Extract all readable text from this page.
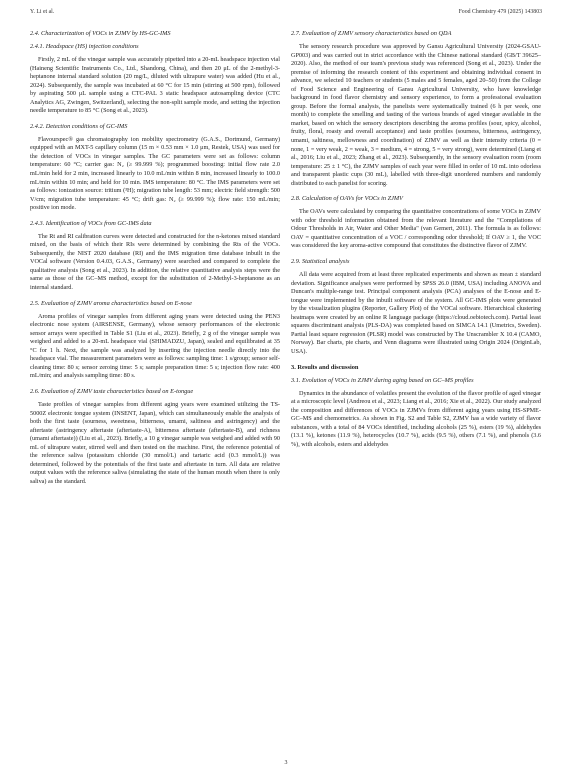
Y. Li et al.	Food Chemistry 479 (2025) 143803
2.4. Characterization of VOCs in ZJMV by HS-GC-IMS
2.4.1. Headspace (HS) injection conditions
Firstly, 2 mL of the vinegar sample was accurately pipetted into a 20-mL headspace injection vial (Haineng Scientific Instruments Co., Ltd., Shandong, China), and then 20 μL of the 2-methyl-3-heptanone internal standard solution (20 mg/L, diluted with ultrapure water) was added (Hu et al., 2024). Subsequently, the sample was incubated at 60 °C for 15 min (stirring at 500 rpm), followed by aspirating 500 μL sample using a CTC-PAL 3 static headspace autosampling device (CTC Analytics AG, Zwingen, Switzerland), selecting the non-split sample mode, and setting the injection needle temperature to 85 °C (Song et al., 2023).
2.4.2. Detection conditions of GC-IMS
Flavourspec® gas chromatography ion mobility spectrometry (G.A.S., Dortmund, Germany) equipped with an MXT-5 capillary column (15 m × 0.53 mm × 1.0 μm, Restek, USA) was used for the detection of VOCs in vinegar samples. The GC parameters were set as follows: column temperature: 60 °C; carrier gas: N₂ (≥ 99.999 %); programmed boosting: initial flow rate 2.0 mL/min held for 2 min, increased linearly to 10.0 mL/min within 8 min, increased linearly to 100.0 mL/min within 10 min; and held for 10 min. IMS temperature: 80 °C. The IMS parameters were set as follows: ionization source: tritium (³H); migration tube length: 53 mm; electric field strength: 500 V/cm; migration tube temperature: 45 °C; drift gas: N₂ (≥ 99.999 %); flow rate: 150 mL/min; positive ion mode.
2.4.3. Identification of VOCs from GC-IMS data
The Rt and RI calibration curves were detected and constructed for the n-ketones mixed standard mixed, on the basis of which their RIs were determined by combining the Rts of the VOCs. Subsequently, the NIST 2020 database (RI) and the IMS migration time database inbuilt in the VOCal software (Version 0.4.03, G.A.S., Germany) were searched and compared to complete the qualitative analysis (Song et al., 2023). In addition, the relative quantitative analysis steps were the same as those of the GC–MS method, except for the substitution of 2-Methyl-3-heptanone as an internal standard.
2.5. Evaluation of ZJMV aroma characteristics based on E-nose
Aroma profiles of vinegar samples from different aging years were detected using the PEN3 electronic nose system (AIRSENSE, Germany), whose sensory performances of the electronic sensor arrays were specified in Table S1 (Liu et al., 2023). Briefly, 2 g of the vinegar sample was weighed and added to a 20-mL headspace vial (SHIMADZU, Japan), sealed and equilibrated at 35 °C for 1 h. Next, the sample was analyzed by inserting the injection needle directly into the headspace vial. The measurement parameters were as follows: sampling time: 1 s/group; sensor self-cleaning time: 80 s; sensor zeroing time: 5 s; sample preparation time: 5 s; injection flow rate: 400 mL/min; and analysis sampling time: 80 s.
2.6. Evaluation of ZJMV taste characteristics based on E-tongue
Taste profiles of vinegar samples from different aging years were examined utilizing the TS-5000Z electronic tongue system (INSENT, Japan), which can simultaneously enable the analysis of both the first taste (sourness, sweetness, bitterness, umami, saltiness and astringency) and the aftertaste (astringency aftertaste (aftertaste-A), bitterness aftertaste (aftertaste-B), and richness (umami aftertaste)) (Liu et al., 2023). Briefly, a 10 g vinegar sample was weighed and added with 90 mL of ultrapure water, stirred well and then tested on the machine. First, the reference potential of the reference saliva (potassium chloride (30 mmol/L) and tartaric acid (0.3 mmol/L)) was determined, followed by the potentials of the first taste and aftertaste in turn. All data are relative output values with the reference saliva (simulating the state of the human mouth when there is only saliva) as the standard.
2.7. Evaluation of ZJMV sensory characteristics based on QDA
The sensory research procedure was approved by Gansu Agricultural University (2024-GSAU-GP003) and was carried out in strict accordance with the Chinese national standard (GB/T 39625–2020). Also, the method of our team's previous study was referenced (Song et al., 2023). Under the premise of informing the research content of this experiment and obtaining individual consent in advance, we selected 10 teachers or students (5 males and 5 females, aged 20–50) from the College of Food Science and Engineering of Gansu Agricultural University, who have knowledge background in food flavor chemistry and sensory experience, to form a professional evaluation group. Before the formal analysis, the panelists were systematically trained (6 h per week, one month) to complete the smelling and tasting of the various brands of aged vinegar available in the market, based on which the sensory descriptors describing the aroma profiles (sour, spicy, alcohol, fruity, floral, roasty and overall acceptance) and taste profiles (sourness, bitterness, astringency, umami, saltiness, mellowness and coordination) of ZJMV as well as their intensity criteria (0 = none, 1 = very weak, 2 = weak, 3 = medium, 4 = strong, 5 = very strong), were determined (Liang et al., 2016; Liu et al., 2023; Zhang et al., 2023). Subsequently, in the sensory evaluation room (room temperature: 25 ± 1 °C), the ZJMV samples of each year were filled in order of 10 mL into odorless and transparent plastic cups (30 mL), labelled with three-digit unordered numbers and randomly distributed to each panelist for scoring.
2.8. Calculation of OAVs for VOCs in ZJMV
The OAVs were calculated by comparing the quantitative concentrations of some VOCs in ZJMV with odor threshold information obtained from the relevant literature and the "Compilations of Odour Thresholds in Air, Water and Other Media" (van Gemert, 2011). The formula is as follows: OAV = quantitative concentration of a VOC / corresponding odor threshold; If OAV ≥ 1, the VOC was considered the key aroma-active compound that constitutes the distinctive flavor of ZJMV.
2.9. Statistical analysis
All data were acquired from at least three replicated experiments and shown as mean ± standard deviation. Significance analyses were performed by SPSS 26.0 (IBM, USA) including ANOVA and Duncan's multiple-range test. Principal component analysis (PCA) analyses of the E-nose and E-tongue were implemented by the inbuilt software of the system. All GC-IMS plots were generated by the visualization plugins (Reporter, Gallery Plot) of the VOCal software. Hierarchical clustering heatmaps were created by an online R language package (https://cloud.oebiotech.com). Partial least squares discriminant analysis (PLS-DA) was completed based on SIMCA 14.1 (Umetrics, Sweden). Partial least square regression (PLSR) model was constructed by The Unscrambler X 10.4 (CAMO, Norway). Bar charts, pie charts, and Venn diagrams were illustrated using Origin 2024 (OriginLab, USA).
3. Results and discussion
3.1. Evolution of VOCs in ZJMV during aging based on GC–MS profiles
Dynamics in the abundance of volatiles present the evolution of the flavor profile of aged vinegar at a microscopic level (Andreou et al., 2023; Liang et al., 2016; Xie et al., 2022). Our study analyzed the composition and differences of VOCs in ZJMVs from different aging years using HS-SPME-GC–MS and chemometrics. As shown in Fig. S2 and Table S2, ZJMV has a wide variety of flavor substances, with a total of 84 VOCs identified, including alcohols (25 %), esters (19 %), aldehydes (13.1 %), ketones (11.9 %), heterocycles (10.7 %), acids (9.5 %), others (7.1 %), and phenols (3.6 %), with alcohols, esters and aldehydes
3
